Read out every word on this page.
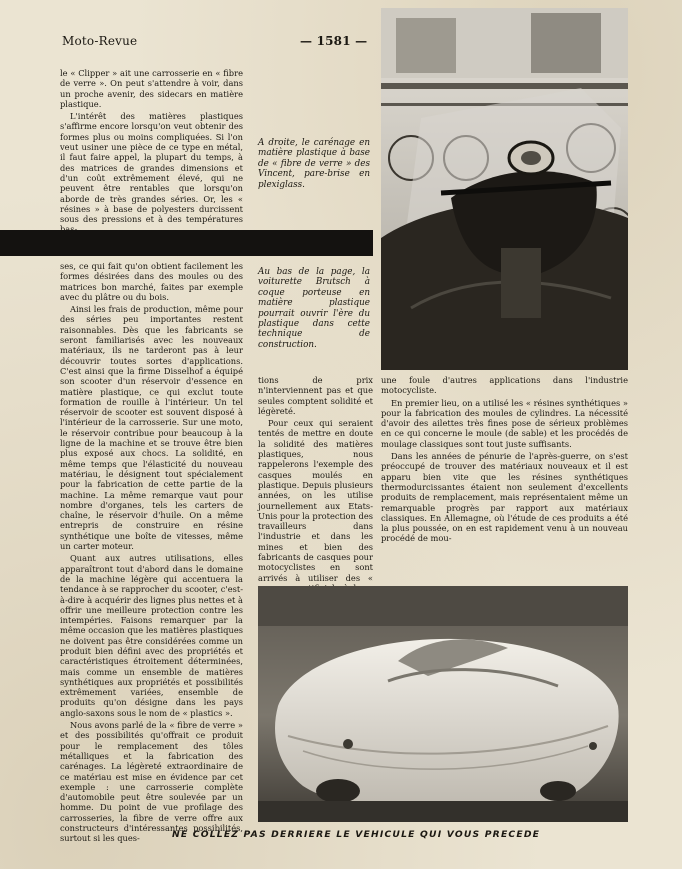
Moto-Revue	— 1581 —

le « Clipper » ait une carrosserie en « fibre de verre ». On peut s'attendre à voir, dans un proche avenir, des sidecars en matière plastique.

L'intérêt des matières plastiques s'affirme encore lorsqu'on veut obtenir des formes plus ou moins compliquées. Si l'on veut usiner une pièce de ce type en métal, il faut faire appel, la plupart du temps, à des matrices de grandes dimensions et d'un coût extrêmement élevé, qui ne peuvent être rentables que lorsqu'on aborde de très grandes séries. Or, les « résines » à base de polyesters durcissent sous des pressions et à des températures

A droite, le carénage en matière plastique à base de « fibre de verre » des Vincent, pare-brise en plexiglass.
Au bas de la page, la voiturette Brutsch à coque porteuse en matière plastique pourrait ouvrir l'ère du plastique dans cette technique de construction.

ses, ce qui fait qu'on obtient facilement les formes désirées dans des moules ou des matrices bon marché, faites par exemple avec du plâtre ou du bois.

Ainsi les frais de production, même pour des séries peu importantes restent raisonnables. Dès que les fabricants se seront familiarisés avec les nouveaux matériaux, ils ne tarderont pas à leur découvrir toutes sortes d'applications. C'est ainsi que la firme Disselhof a équipé son scooter d'un réservoir d'essence en matière plastique, ce qui exclut toute formation de rouille à l'intérieur. Un tel réservoir de scooter est souvent disposé à l'intérieur de la carrosserie. Sur une moto, le réservoir contribue pour beaucoup à la ligne de la machine et se trouve être bien plus exposé aux chocs. La solidité, en même temps que l'élasticité du nouveau matériau, le désignent tout spécialement pour la fabrication de cette partie de la machine. La même remarque vaut pour nombre d'organes, tels les carters de chaîne, le réservoir d'huile. On a même entrepris de construire en résine synthétique une boîte de vitesses, même un carter moteur.

Quant aux autres utilisations, elles apparaîtront tout d'abord dans le domaine de la machine légère qui accentuera la tendance à se rapprocher du scooter, c'est-à-dire à acquérir des lignes plus nettes et à offrir une meilleure protection contre les intempéries. Faisons remarquer par la même occasion que les matières plastiques ne doivent pas être considérées comme un produit bien défini avec des propriétés et caractéristiques étroitement déterminées, mais comme un ensemble de matières synthétiques aux propriétés et possibilités extrêmement variées, ensemble de produits qu'on désigne dans les pays anglo-saxons sous le nom de « plastics ».

Nous avons parlé de la « fibre de verre » et des possibilités qu'offrait ce produit pour le remplacement des tôles métalliques et la fabrication des carénages. La légèreté extraordinaire de ce matériau est mise en évidence par cet exemple : une carrosserie complète d'automobile peut être soulevée par un homme. Du point de vue profilage des carrosseries, la fibre de verre offre aux constructeurs d'intéressantes possibilités, surtout si les ques-

tions de prix n'interviennent pas et que seules comptent solidité et légèreté.

Pour ceux qui seraient tentés de mettre en doute la solidité des matières plastiques, nous rappelerons l'exemple des casques moulés en plastique. Depuis plusieurs années, on les utilise journellement aux Etats-Unis pour la protection des travailleurs dans l'industrie et dans les mines et bien des fabricants de casques pour motocyclistes en sont arrivés à utiliser des «

une foule d'autres applications dans l'industrie motocycliste.

En premier lieu, on a utilisé les « résines synthétiques » pour la fabrication des moules de cylindres. La nécessité d'avoir des ailettes très fines pose de sérieux problèmes en ce qui concerne le moule (de sable) et les procédés de moulage classiques sont tout juste suffisants.

Dans les années de pénurie de l'après-guerre, on s'est préoccupé de trouver des matériaux nouveaux et il est apparu bien vite que les résines synthétiques thermodurcissantes étaient non seulement d'excellents produits de remplacement, mais représentaient même un remarquable progrès par rapport aux matériaux classiques. En Allemagne, où l'étude de ces produits a été la plus poussée, on en est rapidement venu à un nouveau procédé de mou-

NE COLLEZ PAS DERRIERE LE VEHICULE QUI VOUS PRECEDE
